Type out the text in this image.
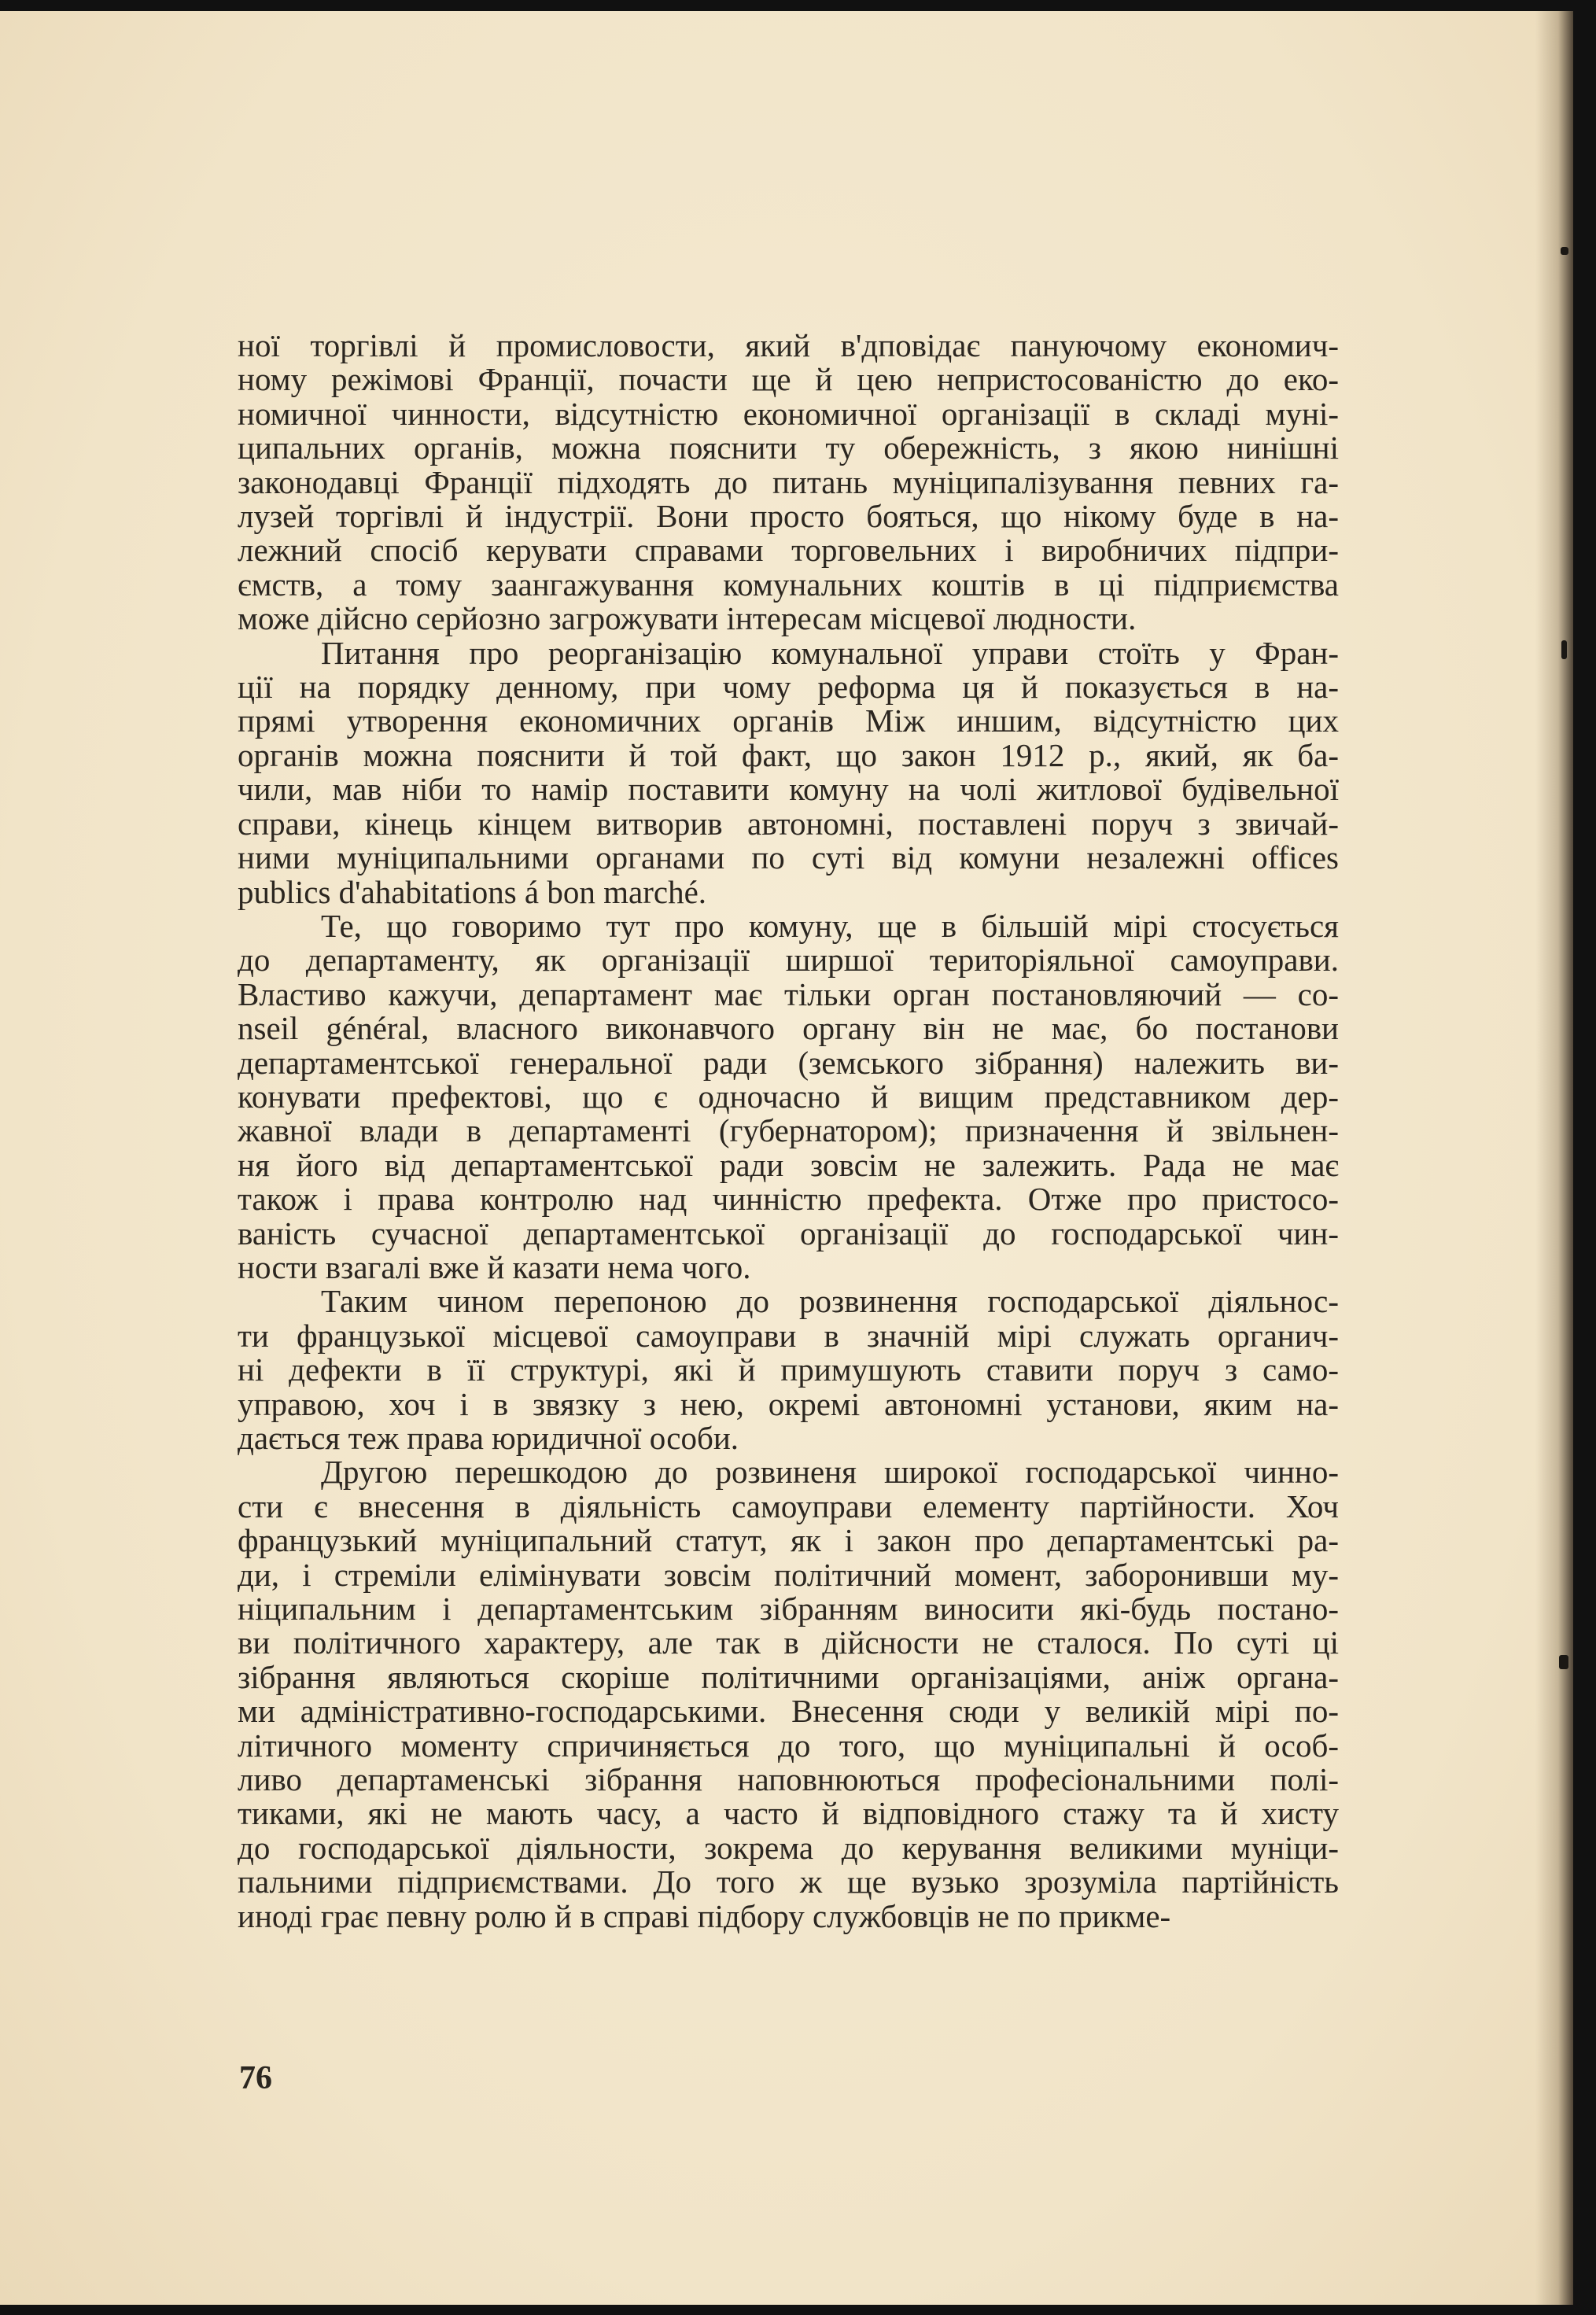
ної торгівлі й промисловости, який в'дповідає пануючому економич-
ному режімові Франції, почасти ще й цею непристосованістю до еко-
номичної чинности, відсутністю економичної організації в складі муні-
ципальних органів, можна пояснити ту обережність, з якою нинішні
законодавці Франції підходять до питань муніципалізування певних га-
лузей торгівлі й індустрії. Вони просто бояться, що нікому буде в на-
лежний спосіб керувати справами торговельних і виробничих підпри-
ємств, а тому заангажування комунальних коштів в ці підприємства
може дійсно серйозно загрожувати інтересам місцевої людности.
Питання про реорганізацію комунальної управи стоїть у Фран-
ції на порядку денному, при чому реформа ця й показується в на-
прямі утворення економичних органів Між иншим, відсутністю цих
органів можна пояснити й той факт, що закон 1912 р., який, як ба-
чили, мав ніби то намір поставити комуну на чолі житлової будівельної
справи, кінець кінцем витворив автономні, поставлені поруч з звичай-
ними муніципальними органами по суті від комуни незалежні offices
publics d'ahabitations á bon marché.
Те, що говоримо тут про комуну, ще в більшій мірі стосується
до департаменту, як організації ширшої територіяльної самоуправи.
Властиво кажучи, департамент має тільки орган постановляючий — co-
nseil général, власного виконавчого органу він не має, бо постанови
департаментської генеральної ради (земського зібрання) належить ви-
конувати префектові, що є одночасно й вищим представником дер-
жавної влади в департаменті (губернатором); призначення й звільнен-
ня його від департаментської ради зовсім не залежить. Рада не має
також і права контролю над чинністю префекта. Отже про пристосо-
ваність сучасної департаментської організації до господарської чин-
ности взагалі вже й казати нема чого.
Таким чином перепоною до розвинення господарської діяльнос-
ти французької місцевої самоуправи в значній мірі служать органич-
ні дефекти в її структурі, які й примушують ставити поруч з само-
управою, хоч і в звязку з нею, окремі автономні установи, яким на-
дається теж права юридичної особи.
Другою перешкодою до розвиненя широкої господарської чинно-
сти є внесення в діяльність самоуправи елементу партійности. Хоч
французький муніципальний статут, як і закон про департаментські ра-
ди, і стреміли елімінувати зовсім політичний момент, заборонивши му-
ніципальним і департаментським зібранням виносити які-будь постано-
ви політичного характеру, але так в дійсности не сталося. По суті ці
зібрання являються скоріше політичними організаціями, аніж органа-
ми адміністративно-господарськими. Внесення сюди у великій мірі по-
літичного моменту спричиняється до того, що муніципальні й особ-
ливо департаменські зібрання наповнюються професіональними полі-
тиками, які не мають часу, а часто й відповідного стажу та й хисту
до господарської діяльности, зокрема до керування великими муніци-
пальними підприємствами. До того ж ще вузько зрозуміла партійність
иноді грає певну ролю й в справі підбору службовців не по прикме-
76
